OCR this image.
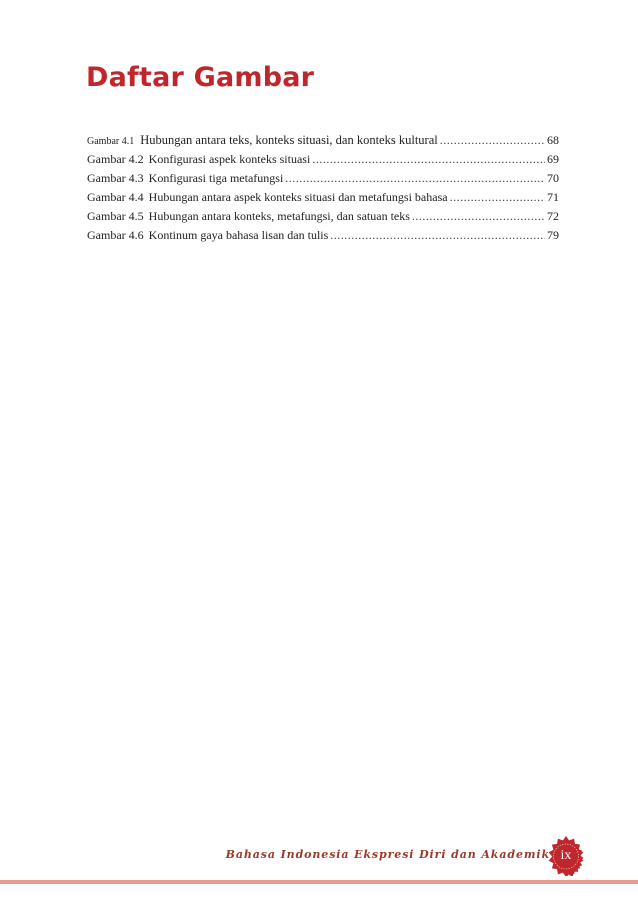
Daftar Gambar
Gambar 4.1 Hubungan antara teks, konteks situasi, dan konteks kultural .....	68
Gambar 4.2 Konfigurasi aspek konteks situasi .....	69
Gambar 4.3 Konfigurasi tiga metafungsi .....	70
Gambar 4.4 Hubungan antara aspek konteks situasi dan metafungsi bahasa .....	71
Gambar 4.5 Hubungan antara konteks, metafungsi, dan satuan teks .....	72
Gambar 4.6 Kontinum gaya bahasa lisan dan tulis .....	79
Bahasa Indonesia Ekspresi Diri dan Akademik ix
